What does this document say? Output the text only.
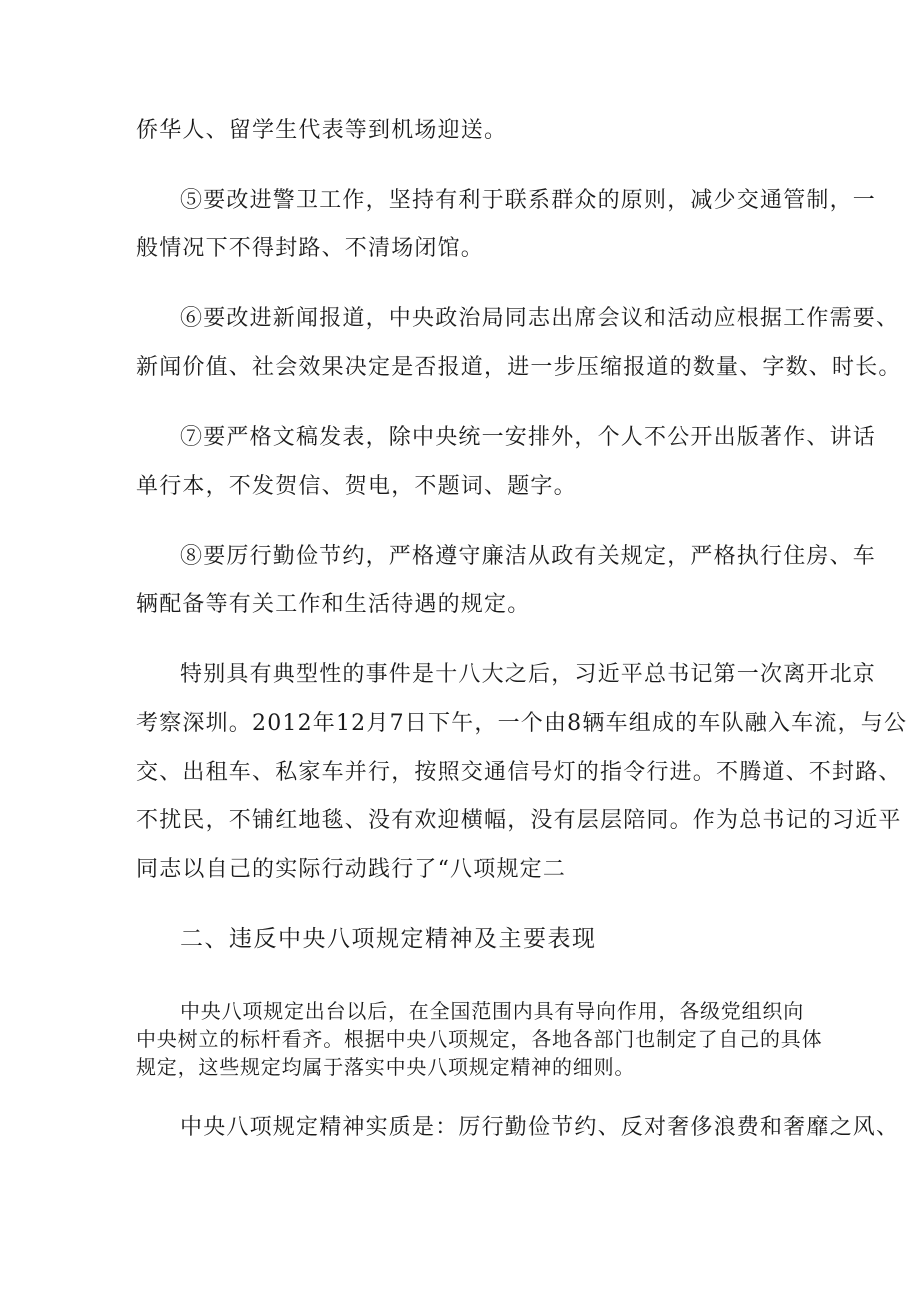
侨华人、留学生代表等到机场迎送。
⑤要改进警卫工作，坚持有利于联系群众的原则，减少交通管制，一
般情况下不得封路、不清场闭馆。
⑥要改进新闻报道，中央政治局同志出席会议和活动应根据工作需要、
新闻价值、社会效果决定是否报道，进一步压缩报道的数量、字数、时长。
⑦要严格文稿发表，除中央统一安排外，个人不公开出版著作、讲话
单行本，不发贺信、贺电，不题词、题字。
⑧要厉行勤俭节约，严格遵守廉洁从政有关规定，严格执行住房、车
辆配备等有关工作和生活待遇的规定。
特别具有典型性的事件是十八大之后，习近平总书记第一次离开北京
考察深圳。2012年12月7日下午，一个由8辆车组成的车队融入车流，与公
交、出租车、私家车并行，按照交通信号灯的指令行进。不腾道、不封路、
不扰民，不铺红地毯、没有欢迎横幅，没有层层陪同。作为总书记的习近平
同志以自己的实际行动践行了“八项规定二
二、违反中央八项规定精神及主要表现
中央八项规定出台以后，在全国范围内具有导向作用，各级党组织向
中央树立的标杆看齐。根据中央八项规定，各地各部门也制定了自己的具体
规定，这些规定均属于落实中央八项规定精神的细则。
中央八项规定精神实质是：厉行勤俭节约、反对奢侈浪费和奢靡之风、
